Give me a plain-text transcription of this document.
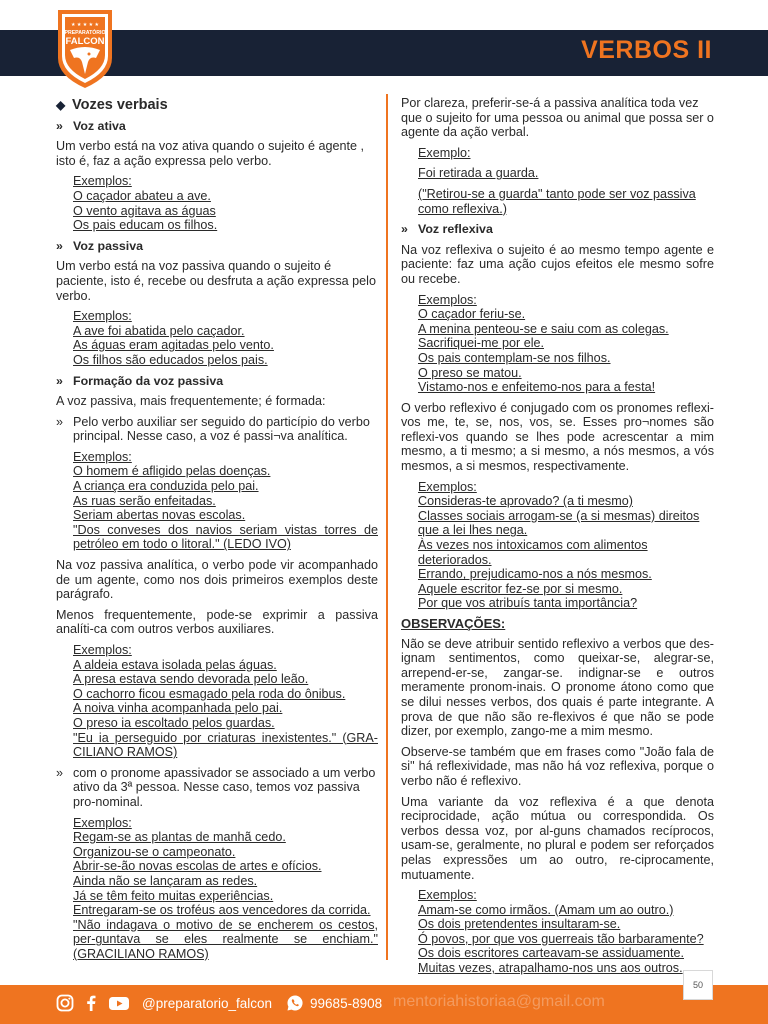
★ ★ ★ ★ ★
PREPARATÓRIO
FALCON	VERBOS II
◆ Vozes verbais
» Voz ativa
Um verbo está na voz ativa quando o sujeito é agente , isto é, faz a ação expressa pelo verbo.
Exemplos:
O caçador abateu a ave.
O vento agitava as águas
Os pais educam os filhos.
» Voz passiva
Um verbo está na voz passiva quando o sujeito é paciente, isto é, recebe ou desfruta a ação expressa pelo verbo.
Exemplos:
A ave foi abatida pelo caçador.
As águas eram agitadas pelo vento.
Os filhos são educados pelos pais.
» Formação da voz passiva
A voz passiva, mais frequentemente; é formada:
» Pelo verbo auxiliar ser seguido do particípio do verbo principal. Nesse caso, a voz é passi¬va analítica.
Exemplos:
O homem é afligido pelas doenças.
A criança era conduzida pelo pai.
As ruas serão enfeitadas.
Seriam abertas novas escolas.
"Dos conveses dos navios seriam vistas torres de petróleo em todo o litoral." (LEDO IVO)
Na voz passiva analítica, o verbo pode vir acompanhado de um agente, como nos dois primeiros exemplos deste parágrafo.
Menos frequentemente, pode-se exprimir a passiva analíti-ca com outros verbos auxiliares.
Exemplos:
A aldeia estava isolada pelas águas.
A presa estava sendo devorada pelo leão.
O cachorro ficou esmagado pela roda do ônibus.
A noiva vinha acompanhada pelo pai.
O preso ia escoltado pelos guardas.
"Eu ia perseguido por criaturas inexistentes." (GRA-CILIANO RAMOS)
» com o pronome apassivador se associado a um verbo ativo da 3ª pessoa. Nesse caso, temos voz passiva pro-nominal.
Exemplos:
Regam-se as plantas de manhã cedo.
Organizou-se o campeonato.
Abrir-se-ão novas escolas de artes e ofícios.
Ainda não se lançaram as redes.
Já se têm feito muitas experiências.
Entregaram-se os troféus aos vencedores da corrida.
"Não indagava o motivo de se encherem os cestos, per-guntava se eles realmente se enchiam." (GRACILIANO RAMOS)
Por clareza, preferir-se-á a passiva analítica toda vez que o sujeito for uma pessoa ou animal que possa ser o agente da ação verbal.
Exemplo:
Foi retirada a guarda.
("Retirou-se a guarda" tanto pode ser voz passiva como reflexiva.)
» Voz reflexiva
Na voz reflexiva o sujeito é ao mesmo tempo agente e paciente: faz uma ação cujos efeitos ele mesmo sofre ou recebe.
Exemplos:
O caçador feriu-se.
A menina penteou-se e saiu com as colegas.
Sacrifiquei-me por ele.
Os pais contemplam-se nos filhos.
O preso se matou.
Vistamo-nos e enfeitemo-nos para a festa!
O verbo reflexivo é conjugado com os pronomes reflexi-vos me, te, se, nos, vos, se. Esses pro¬nomes são reflexi-vos quando se lhes pode acrescentar a mim mesmo, a ti mesmo; a si mesmo, a nós mesmos, a vós mesmos, a si mesmos, respectivamente.
Exemplos:
Consideras-te aprovado? (a ti mesmo)
Classes sociais arrogam-se (a si mesmas) direitos que a lei lhes nega.
Às vezes nos intoxicamos com alimentos deteriorados.
Errando, prejudicamo-nos a nós mesmos.
Aquele escritor fez-se por si mesmo.
Por que vos atribuís tanta importância?
OBSERVAÇÕES:
Não se deve atribuir sentido reflexivo a verbos que des-ignam sentimentos, como queixar-se, alegrar-se, arrepend-er-se, zangar-se. indignar-se e outros meramente pronom-inais. O pronome átono como que se dilui nesses verbos, dos quais é parte integrante. A prova de que não são re-flexivos é que não se pode dizer, por exemplo, zango-me a mim mesmo.
Observe-se também que em frases como "João fala de si" há reflexividade, mas não há voz reflexiva, porque o verbo não é reflexivo.
Uma variante da voz reflexiva é a que denota reciprocidade, ação mútua ou correspondida. Os verbos dessa voz, por al-guns chamados recíprocos, usam-se, geralmente, no plural e podem ser reforçados pelas expressões um ao outro, re-ciprocamente, mutuamente.
Exemplos:
Amam-se como irmãos. (Amam um ao outro.)
Os dois pretendentes insultaram-se.
Ó povos, por que vos guerreais tão barbaramente?
Os dois escritores carteavam-se assiduamente.
Muitas vezes, atrapalhamo-nos uns aos outros.
@preparatorio_falcon	99685-8908 mentoriahistoriaa@gmail.com
50
